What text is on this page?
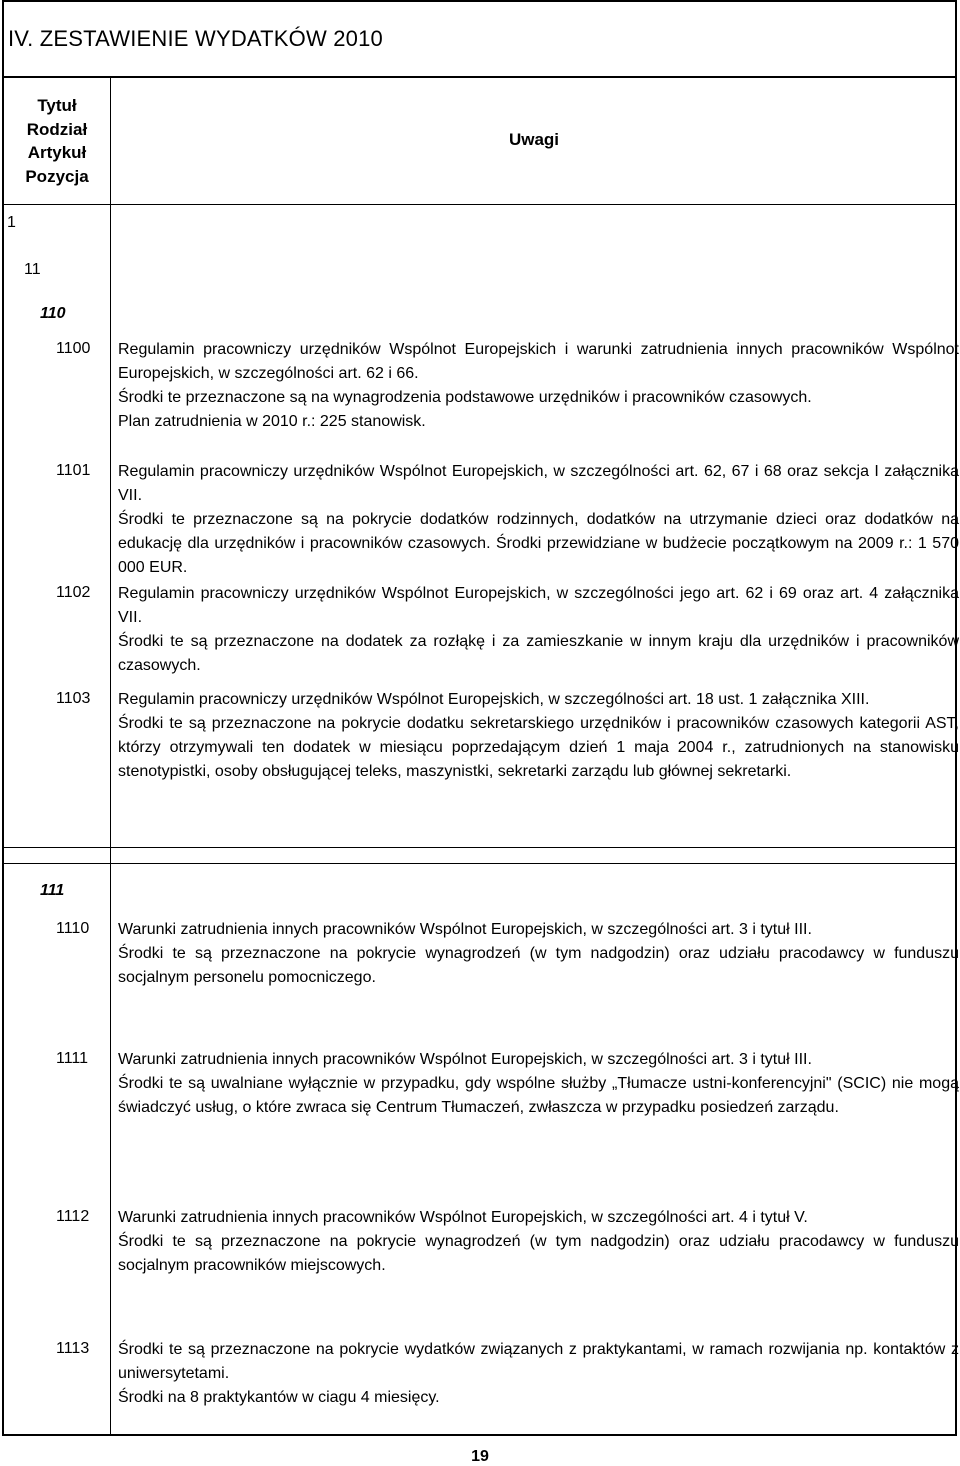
IV. ZESTAWIENIE WYDATKÓW 2010
Tytuł
Rodział
Artykuł
Pozycja
Uwagi
1
11
110
111
1100 Regulamin pracowniczy urzędników Wspólnot Europejskich i warunki zatrudnienia innych pracowników Wspólnot Europejskich, w szczególności art. 62 i 66.

Środki te przeznaczone są na wynagrodzenia podstawowe urzędników i pracowników czasowych.

Plan zatrudnienia w 2010 r.: 225 stanowisk.

1101 Regulamin pracowniczy urzędników Wspólnot Europejskich, w szczególności art. 62, 67 i 68 oraz sekcja I załącznika VII.

Środki te przeznaczone są na pokrycie dodatków rodzinnych, dodatków na utrzymanie dzieci oraz dodatków na edukację dla urzędników i pracowników czasowych. Środki przewidziane w budżecie początkowym na 2009 r.: 1 570 000 EUR.

1102 Regulamin pracowniczy urzędników Wspólnot Europejskich, w szczególności jego art. 62 i 69 oraz art. 4 załącznika VII.

Środki te są przeznaczone na dodatek za rozłąkę i za zamieszkanie w innym kraju dla urzędników i pracowników czasowych.

1103 Regulamin pracowniczy urzędników Wspólnot Europejskich, w szczególności art. 18 ust. 1 załącznika XIII.

Środki te są przeznaczone na pokrycie dodatku sekretarskiego urzędników i pracowników czasowych kategorii AST, którzy otrzymywali ten dodatek w miesiącu poprzedającym dzień 1 maja 2004 r., zatrudnionych na stanowisku stenotypistki, osoby obsługującej teleks, maszynistki, sekretarki zarządu lub głównej sekretarki.

1110 Warunki zatrudnienia innych pracowników Wspólnot Europejskich, w szczególności art. 3 i tytuł III.

Środki te są przeznaczone na pokrycie wynagrodzeń (w tym nadgodzin) oraz udziału pracodawcy w funduszu socjalnym personelu pomocniczego.

1111 Warunki zatrudnienia innych pracowników Wspólnot Europejskich, w szczególności art. 3 i tytuł III.

Środki te są uwalniane wyłącznie w przypadku, gdy wspólne służby „Tłumacze ustni-konferencyjni" (SCIC) nie mogą świadczyć usług, o które zwraca się Centrum Tłumaczeń, zwłaszcza w przypadku posiedzeń zarządu.

1112 Warunki zatrudnienia innych pracowników Wspólnot Europejskich, w szczególności art. 4 i tytuł V.

Środki te są przeznaczone na pokrycie wynagrodzeń (w tym nadgodzin) oraz udziału pracodawcy w funduszu socjalnym pracowników miejscowych.

1113 Środki te są przeznaczone na pokrycie wydatków związanych z praktykantami, w ramach rozwijania np. kontaktów z uniwersytetami.

Środki na 8 praktykantów w ciagu 4 miesięcy.

19
